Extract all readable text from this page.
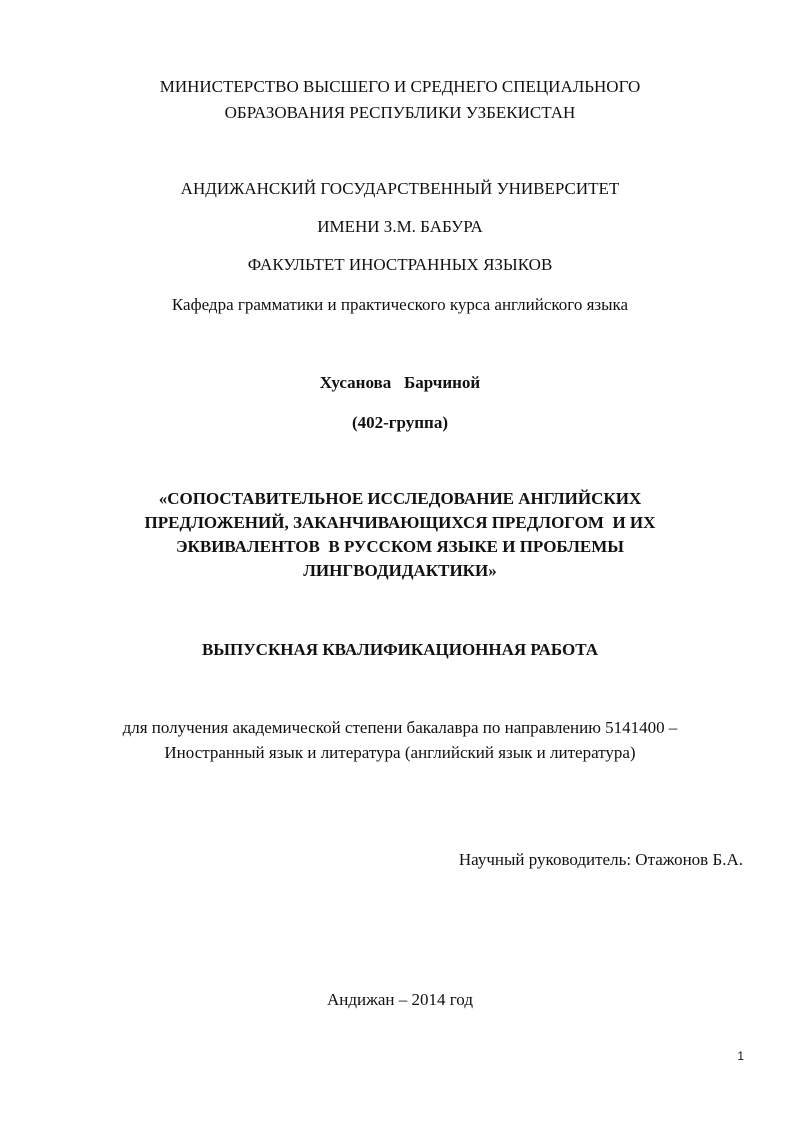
МИНИСТЕРСТВО ВЫСШЕГО И СРЕДНЕГО СПЕЦИАЛЬНОГО
ОБРАЗОВАНИЯ РЕСПУБЛИКИ УЗБЕКИСТАН
АНДИЖАНСКИЙ ГОСУДАРСТВЕННЫЙ УНИВЕРСИТЕТ
ИМЕНИ З.М. БАБУРА
ФАКУЛЬТЕТ ИНОСТРАННЫХ ЯЗЫКОВ
Кафедра грамматики и практического курса английского языка
Хусанова   Барчиной
(402-группа)
«СОПОСТАВИТЕЛЬНОЕ ИССЛЕДОВАНИЕ АНГЛИЙСКИХ
ПРЕДЛОЖЕНИЙ, ЗАКАНЧИВАЮЩИХСЯ ПРЕДЛОГОМ  И ИХ
ЭКВИВАЛЕНТОВ  В РУССКОМ ЯЗЫКЕ И ПРОБЛЕМЫ
ЛИНГВОДИДАКТИКИ»
ВЫПУСКНАЯ КВАЛИФИКАЦИОННАЯ РАБОТА
для получения академической степени бакалавра по направлению 5141400 –
Иностранный язык и литература (английский язык и литература)
Научный руководитель: Отажонов Б.А.
Андижан – 2014 год
1
